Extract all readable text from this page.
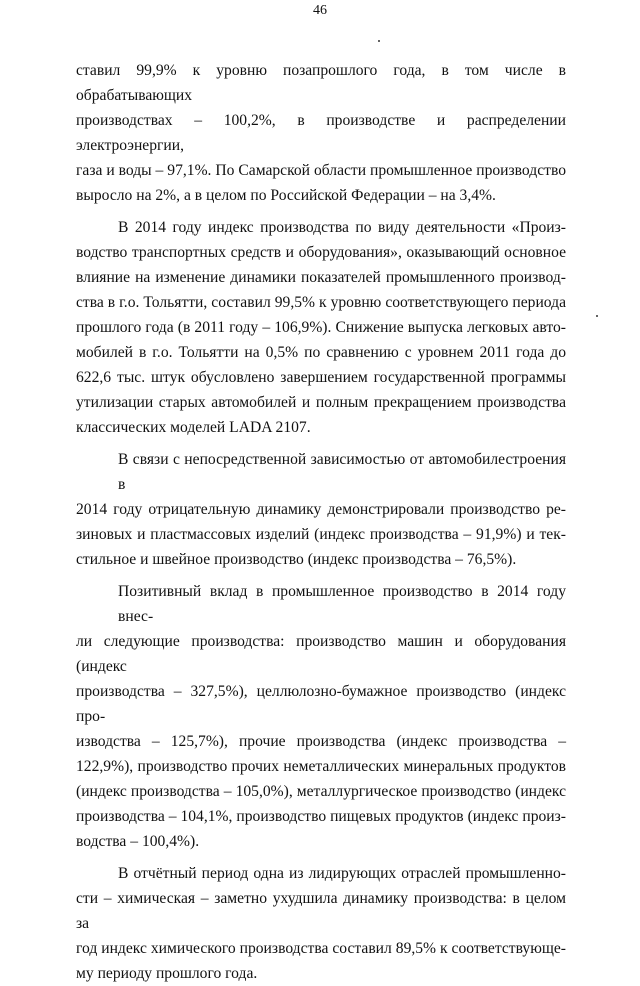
46
ставил 99,9% к уровню позапрошлого года, в том числе в обрабатывающих
производствах – 100,2%, в производстве и распределении электроэнергии,
газа и воды – 97,1%. По Самарской области промышленное производство
выросло на 2%, а в целом по Российской Федерации – на 3,4%.
В 2014 году индекс производства по виду деятельности «Произ-
водство транспортных средств и оборудования», оказывающий основное
влияние на изменение динамики показателей промышленного производ-
ства в г.о. Тольятти, составил 99,5% к уровню соответствующего периода
прошлого года (в 2011 году – 106,9%). Снижение выпуска легковых авто-
мобилей в г.о. Тольятти на 0,5% по сравнению с уровнем 2011 года до
622,6 тыс. штук обусловлено завершением государственной программы
утилизации старых автомобилей и полным прекращением производства
классических моделей LADA 2107.
В связи с непосредственной зависимостью от автомобилестроения в
2014 году отрицательную динамику демонстрировали производство ре-
зиновых и пластмассовых изделий (индекс производства – 91,9%) и тек-
стильное и швейное производство (индекс производства – 76,5%).
Позитивный вклад в промышленное производство в 2014 году внес-
ли следующие производства: производство машин и оборудования (индекс
производства – 327,5%), целлюлозно-бумажное производство (индекс про-
изводства – 125,7%), прочие производства (индекс производства –
122,9%), производство прочих неметаллических минеральных продуктов
(индекс производства – 105,0%), металлургическое производство (индекс
производства – 104,1%, производство пищевых продуктов (индекс произ-
водства – 100,4%).
В отчётный период одна из лидирующих отраслей промышленно-
сти – химическая – заметно ухудшила динамику производства: в целом за
год индекс химического производства составил 89,5% к соответствующе-
му периоду прошлого года.
